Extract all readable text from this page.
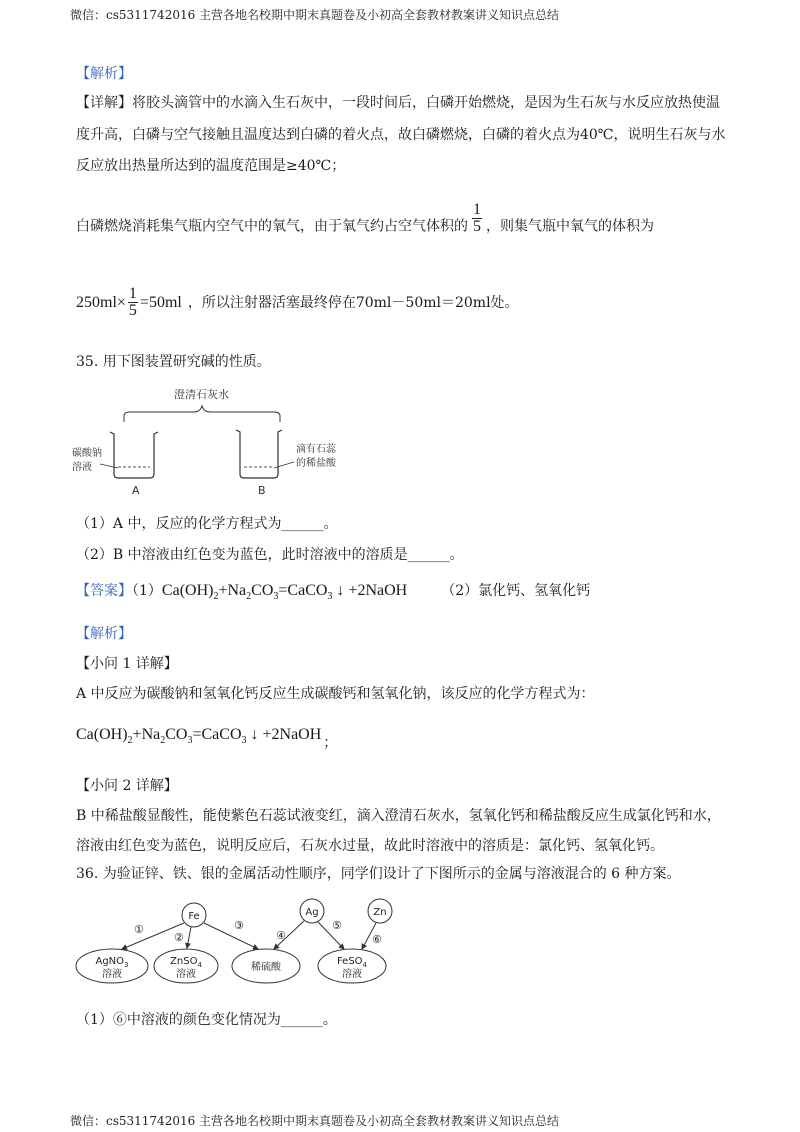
微信：cs5311742016 主营各地名校期中期末真题卷及小初高全套教材教案讲义知识点总结
【解析】
【详解】将胶头滴管中的水滴入生石灰中，一段时间后，白磷开始燃烧，是因为生石灰与水反应放热使温
度升高，白磷与空气接触且温度达到白磷的着火点，故白磷燃烧，白磷的着火点为40℃，说明生石灰与水
反应放出热量所达到的温度范围是≥40℃；
白磷燃烧消耗集气瓶内空气中的氧气，由于氧气约占空气体积的 $\frac{1}{5}$ ，则集气瓶中氧气的体积为
$250ml\times \frac{1}{5} =50ml$ ，所以注射器活塞最终停在70ml－50ml＝20ml处。
35. 用下图装置研究碱的性质。
澄清石灰水
碳酸钠
溶液
滴有石蕊
的稀盐酸
A	B
（1）A 中，反应的化学方程式为______。
（2）B 中溶液由红色变为蓝色，此时溶液中的溶质是______。
【答案】$(1)Ca(OH)_2+Na_2CO_3=CaCO_3$ ↓ +2NaOH （2）氯化钙、氢氧化钙
【解析】
【小问 1 详解】
A 中反应为碳酸钠和氢氧化钙反应生成碳酸钙和氢氧化钠，该反应的化学方程式为：
$Ca(OH)_2+Na_2CO_3=CaCO_3$ ↓ +2NaOH ；
【小问 2 详解】
B 中稀盐酸显酸性，能使紫色石蕊试液变红，滴入澄清石灰水，氢氧化钙和稀盐酸反应生成氯化钙和水，
溶液由红色变为蓝色，说明反应后，石灰水过量，故此时溶液中的溶质是：氯化钙、氢氧化钙。
36. 为验证锌、铁、银的金属活动性顺序，同学们设计了下图所示的金属与溶液混合的 6 种方案。
Fe	Ag	Zn
AgNO$_3$
溶液
ZnSO$_4$
溶液
稀硫酸
FeSO$_4$
溶液
①
②
③
④
⑤
⑥
（1）⑥中溶液的颜色变化情况为______。
微信：cs5311742016 主营各地名校期中期末真题卷及小初高全套教材教案讲义知识点总结
